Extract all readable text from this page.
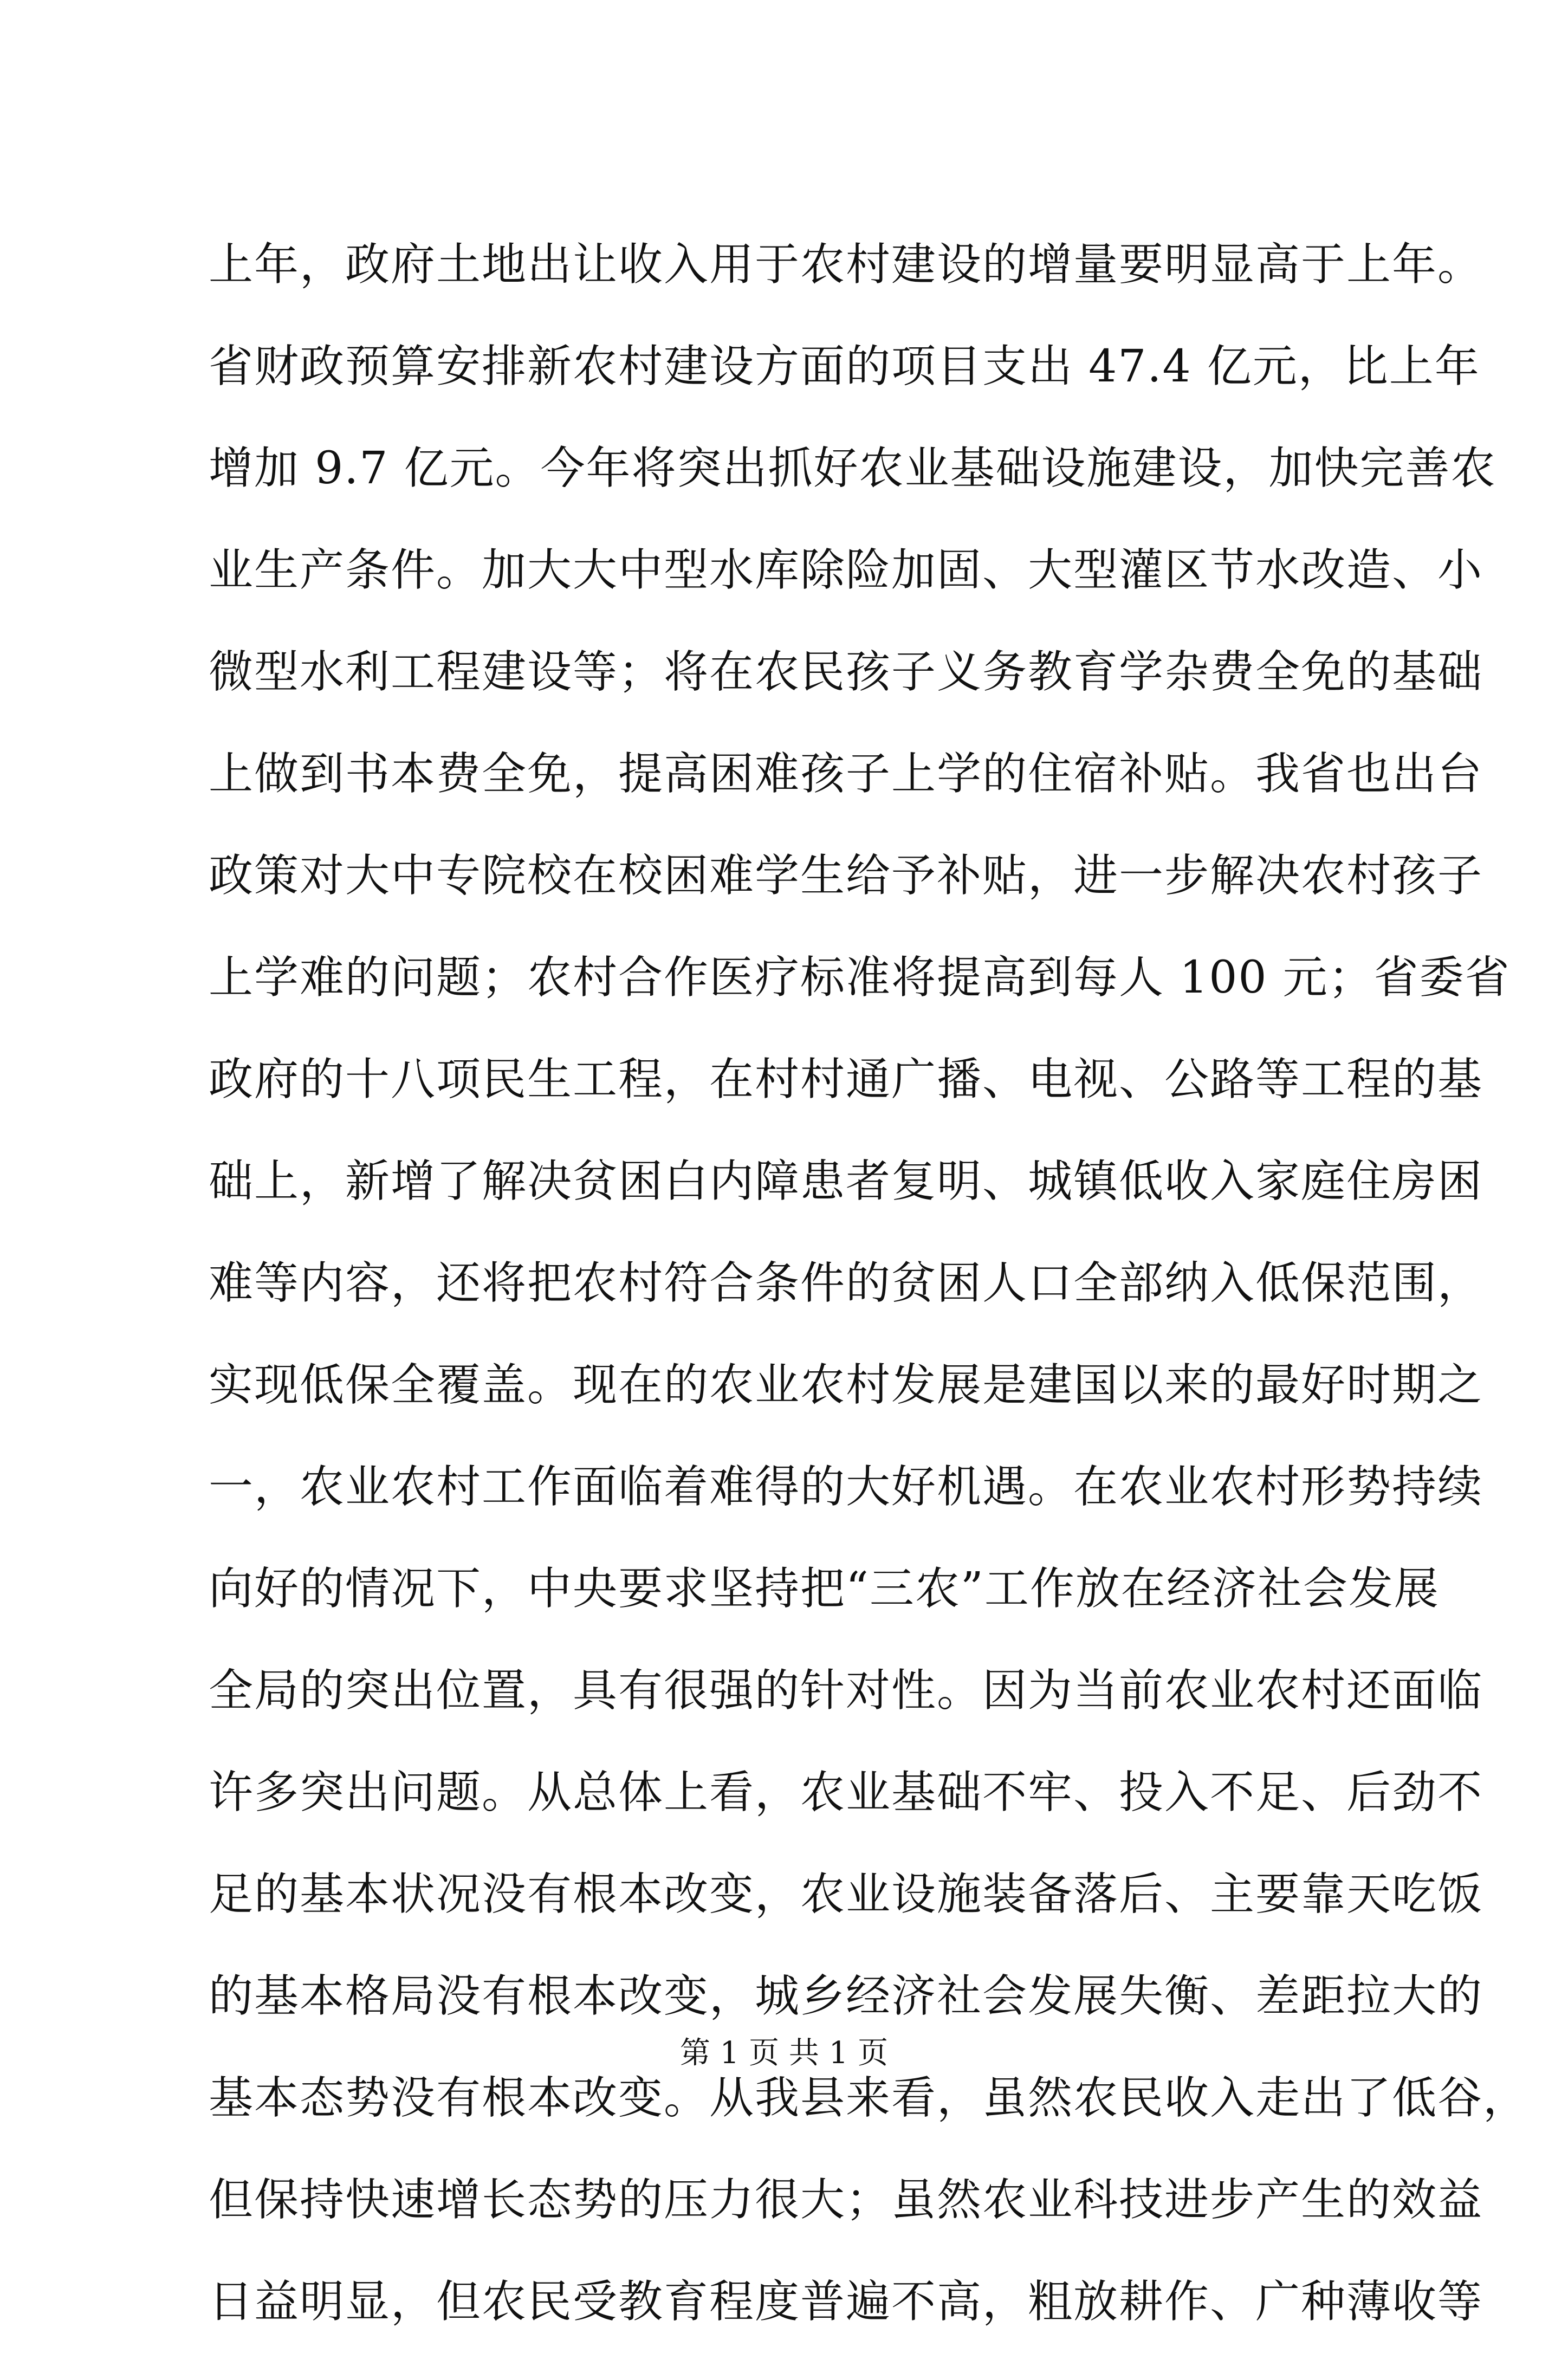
上年，政府土地出让收入用于农村建设的增量要明显高于上年。
省财政预算安排新农村建设方面的项目支出 47.4 亿元，比上年
增加 9.7 亿元。今年将突出抓好农业基础设施建设，加快完善农
业生产条件。加大大中型水库除险加固、大型灌区节水改造、小
微型水利工程建设等；将在农民孩子义务教育学杂费全免的基础
上做到书本费全免，提高困难孩子上学的住宿补贴。我省也出台
政策对大中专院校在校困难学生给予补贴，进一步解决农村孩子
上学难的问题；农村合作医疗标准将提高到每人 100 元；省委省
政府的十八项民生工程，在村村通广播、电视、公路等工程的基
础上，新增了解决贫困白内障患者复明、城镇低收入家庭住房困
难等内容，还将把农村符合条件的贫困人口全部纳入低保范围，
实现低保全覆盖。现在的农业农村发展是建国以来的最好时期之
一，农业农村工作面临着难得的大好机遇。在农业农村形势持续
向好的情况下，中央要求坚持把“三农”工作放在经济社会发展
全局的突出位置，具有很强的针对性。因为当前农业农村还面临
许多突出问题。从总体上看，农业基础不牢、投入不足、后劲不
足的基本状况没有根本改变，农业设施装备落后、主要靠天吃饭
的基本格局没有根本改变，城乡经济社会发展失衡、差距拉大的
基本态势没有根本改变。从我县来看，虽然农民收入走出了低谷，
但保持快速增长态势的压力很大；虽然农业科技进步产生的效益
日益明显，但农民受教育程度普遍不高，粗放耕作、广种薄收等
第 1 页 共 1 页
